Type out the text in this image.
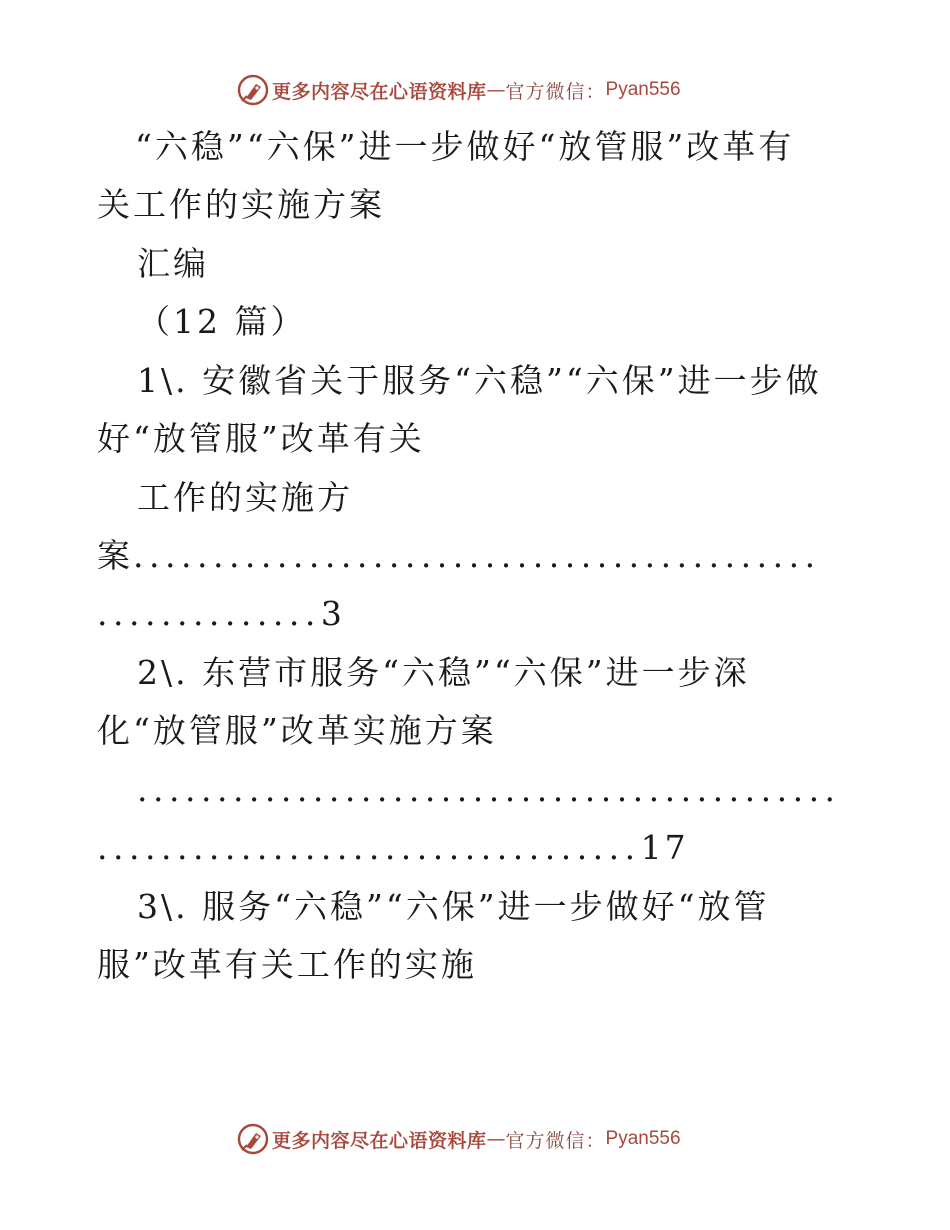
更多内容尽在心语资料库 — 官方微信： Pyan556
“六稳”“六保”进一步做好“放管服”改革有
关工作的实施方案
汇编
（12 篇）
1\. 安徽省关于服务“六稳”“六保”进一步做
好“放管服”改革有关
工作的实施方
案...........................................
..............3
2\. 东营市服务“六稳”“六保”进一步深
化“放管服”改革实施方案
............................................
..................................17
3\. 服务“六稳”“六保”进一步做好“放管
服”改革有关工作的实施
更多内容尽在心语资料库 — 官方微信： Pyan556
